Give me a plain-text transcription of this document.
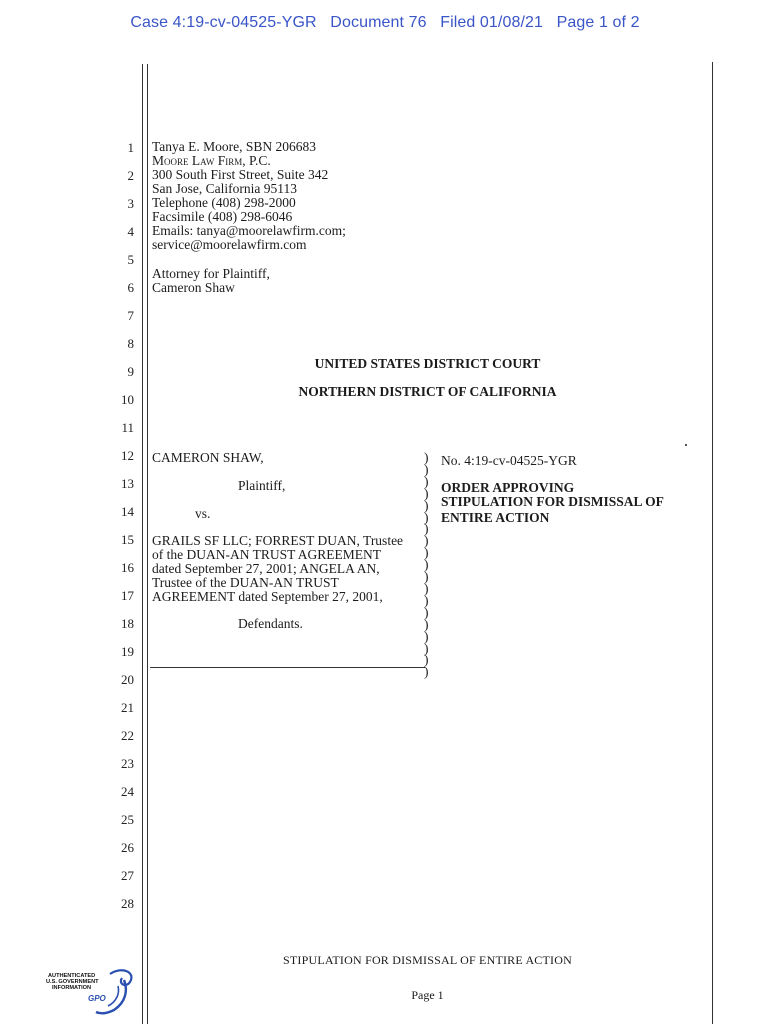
Case 4:19-cv-04525-YGR   Document 76   Filed 01/08/21   Page 1 of 2
1
2
3
4
5
6
7
8
9
10
11
12
13
14
15
16
17
18
19
20
21
22
23
24
25
26
27
28
Tanya E. Moore, SBN 206683
Moore Law Firm, P.C.
300 South First Street, Suite 342
San Jose, California 95113
Telephone (408) 298-2000
Facsimile (408) 298-6046
Emails: tanya@moorelawfirm.com;
service@moorelawfirm.com
Attorney for Plaintiff,
Cameron Shaw
UNITED STATES DISTRICT COURT
NORTHERN DISTRICT OF CALIFORNIA
CAMERON SHAW,
Plaintiff,
vs.
GRAILS SF LLC; FORREST DUAN, Trustee
of the DUAN-AN TRUST AGREEMENT
dated September 27, 2001; ANGELA AN,
Trustee of the DUAN-AN TRUST
AGREEMENT dated September 27, 2001,
Defendants.
)
)
)
)
)
)
)
)
)
)
)
)
)
)
)
)
)
)
)
No. 4:19-cv-04525-YGR
ORDER APPROVING
STIPULATION FOR DISMISSAL OF
ENTIRE ACTION
STIPULATION FOR DISMISSAL OF ENTIRE ACTION
Page 1
AUTHENTICATED
U.S. GOVERNMENT
INFORMATION
GPO
